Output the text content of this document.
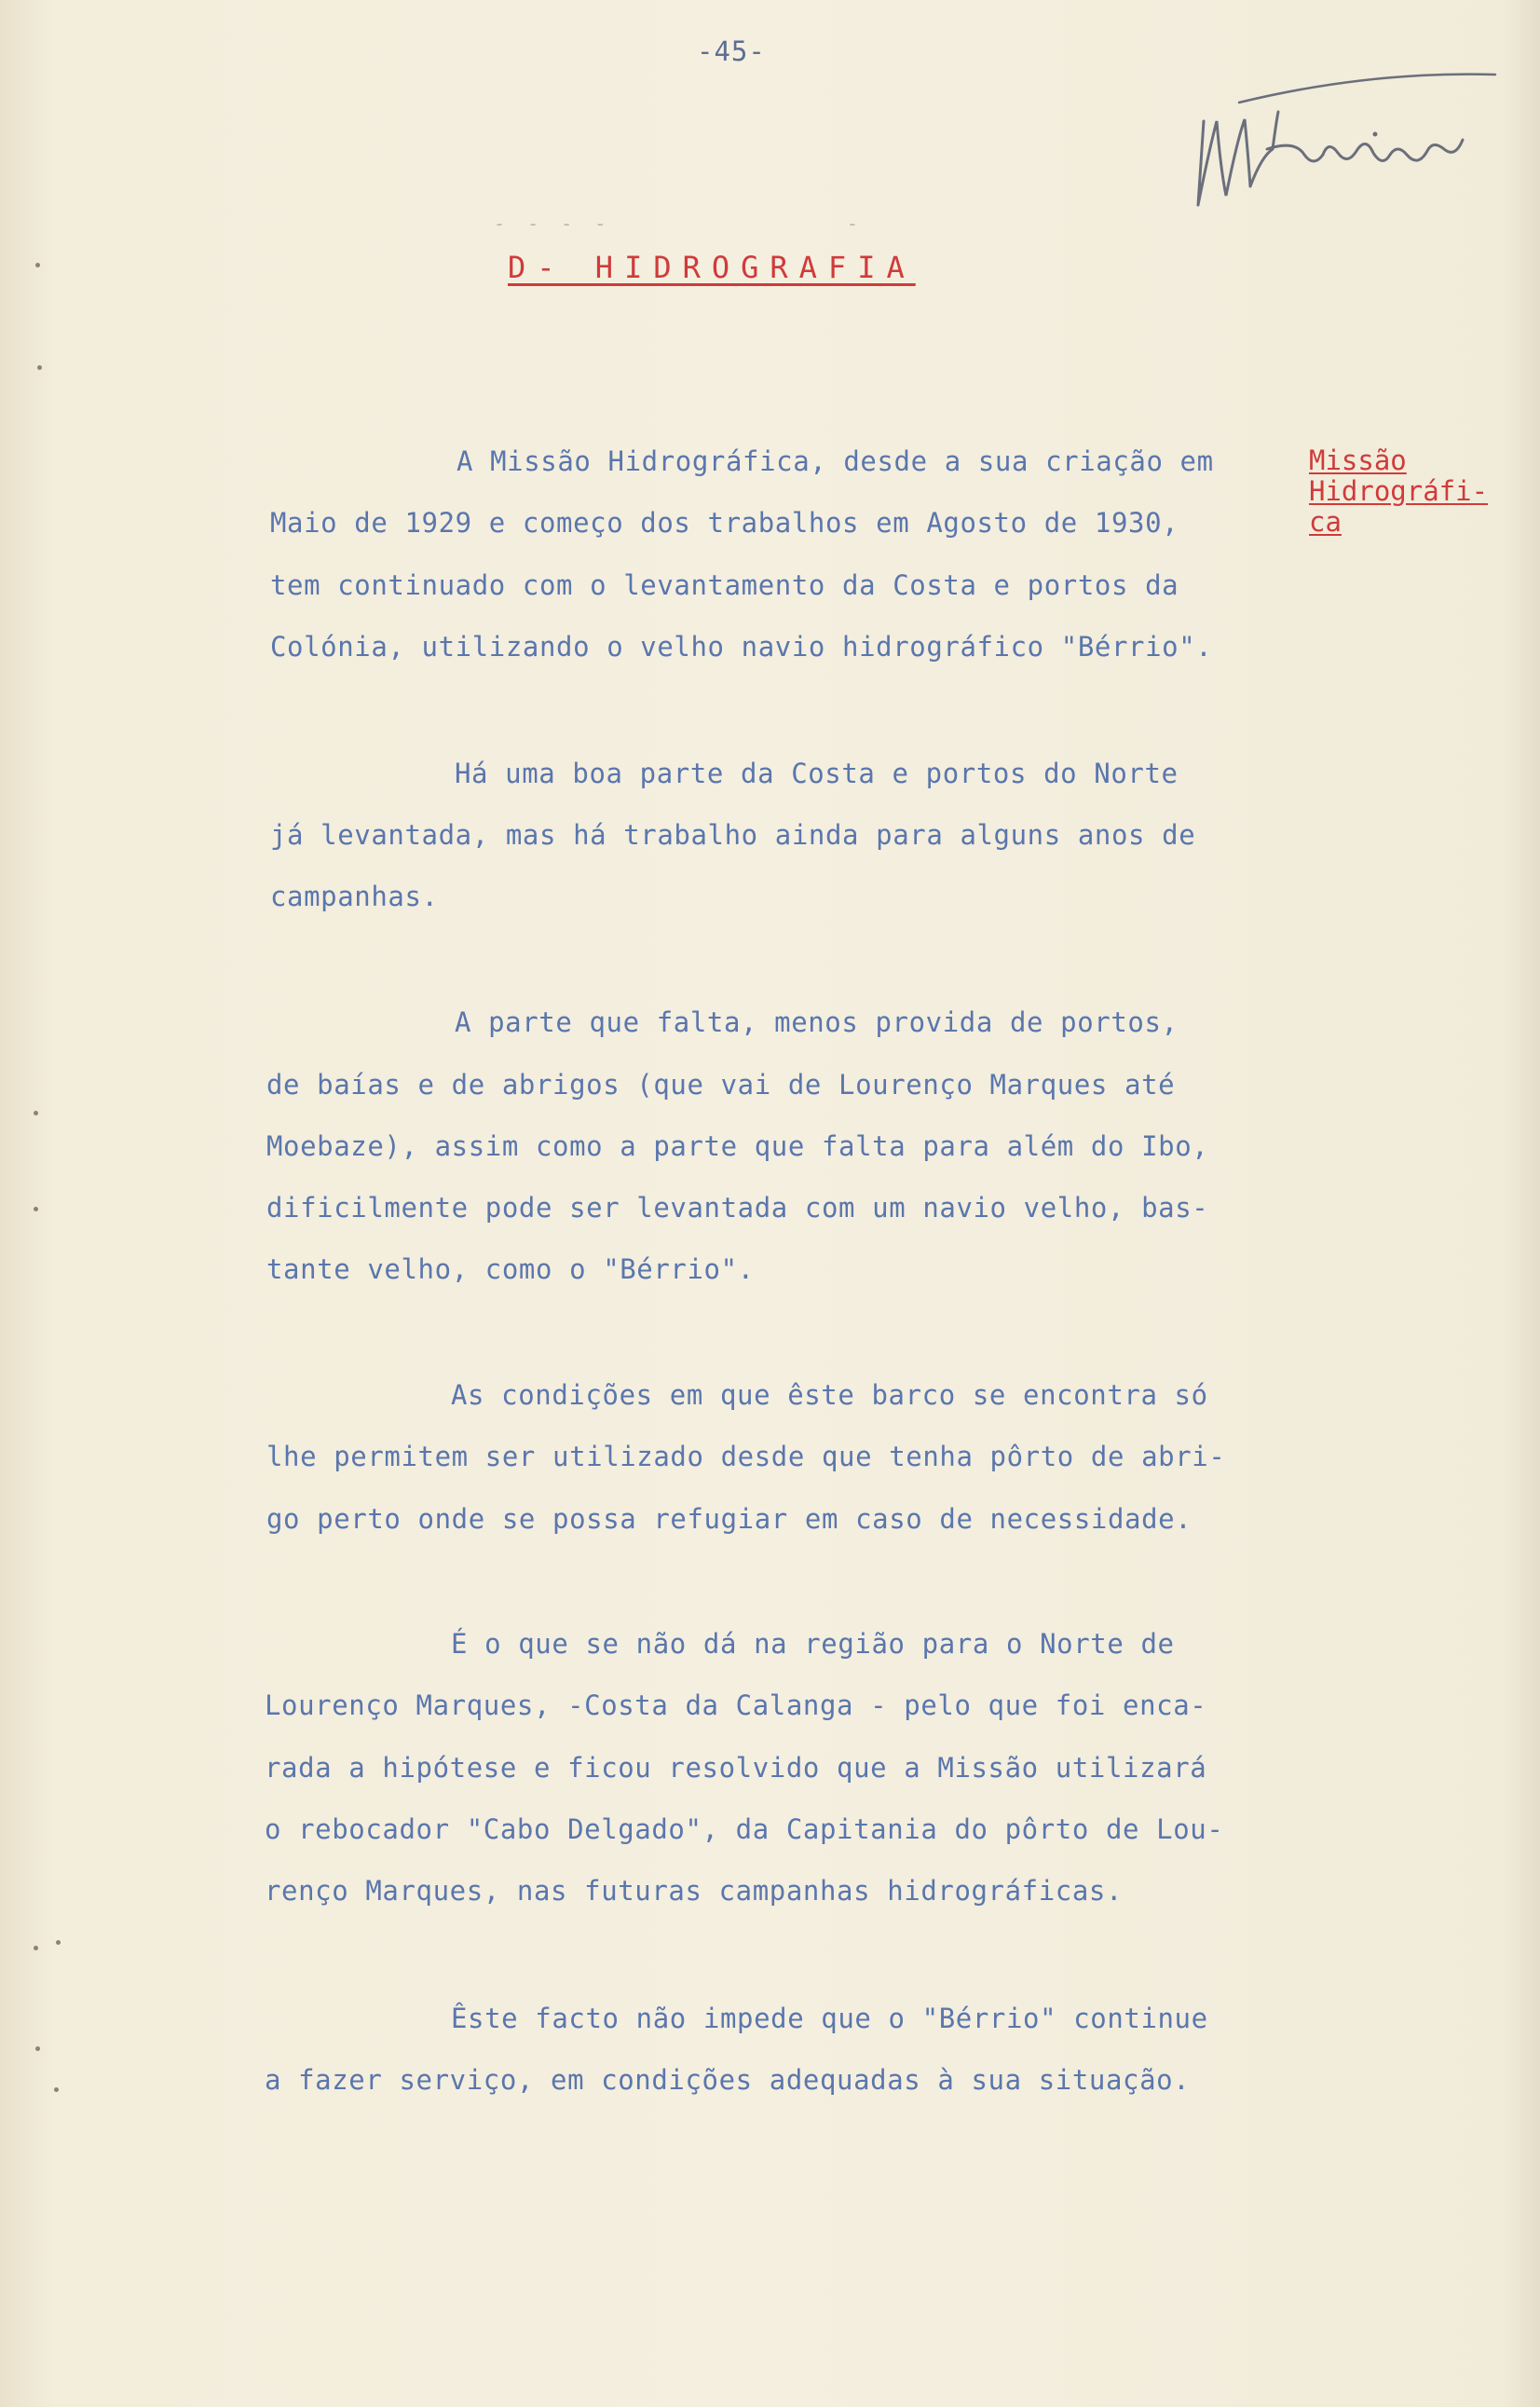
-45-
- - - -              -
D- HIDROGRAFIA
Missão
Hidrográfi-
ca
A Missão Hidrográfica, desde a sua criação em
Maio de 1929 e começo dos trabalhos em Agosto de 1930,
tem continuado com o levantamento da Costa e portos da
Colónia, utilizando o velho navio hidrográfico "Bérrio".
Há uma boa parte da Costa e portos do Norte
já levantada, mas há trabalho ainda para alguns anos de
campanhas.
A parte que falta, menos provida de portos,
de baías e de abrigos (que vai de Lourenço Marques até
Moebaze), assim como a parte que falta para além do Ibo,
dificilmente pode ser levantada com um navio velho, bas-
tante velho, como o "Bérrio".
As condições em que êste barco se encontra só
lhe permitem ser utilizado desde que tenha pôrto de abri-
go perto onde se possa refugiar em caso de necessidade.
É o que se não dá na região para o Norte de
Lourenço Marques, -Costa da Calanga - pelo que foi enca-
rada a hipótese e ficou resolvido que a Missão utilizará
o rebocador "Cabo Delgado", da Capitania do pôrto de Lou-
renço Marques, nas futuras campanhas hidrográficas.
Êste facto não impede que o "Bérrio" continue
a fazer serviço, em condições adequadas à sua situação.
